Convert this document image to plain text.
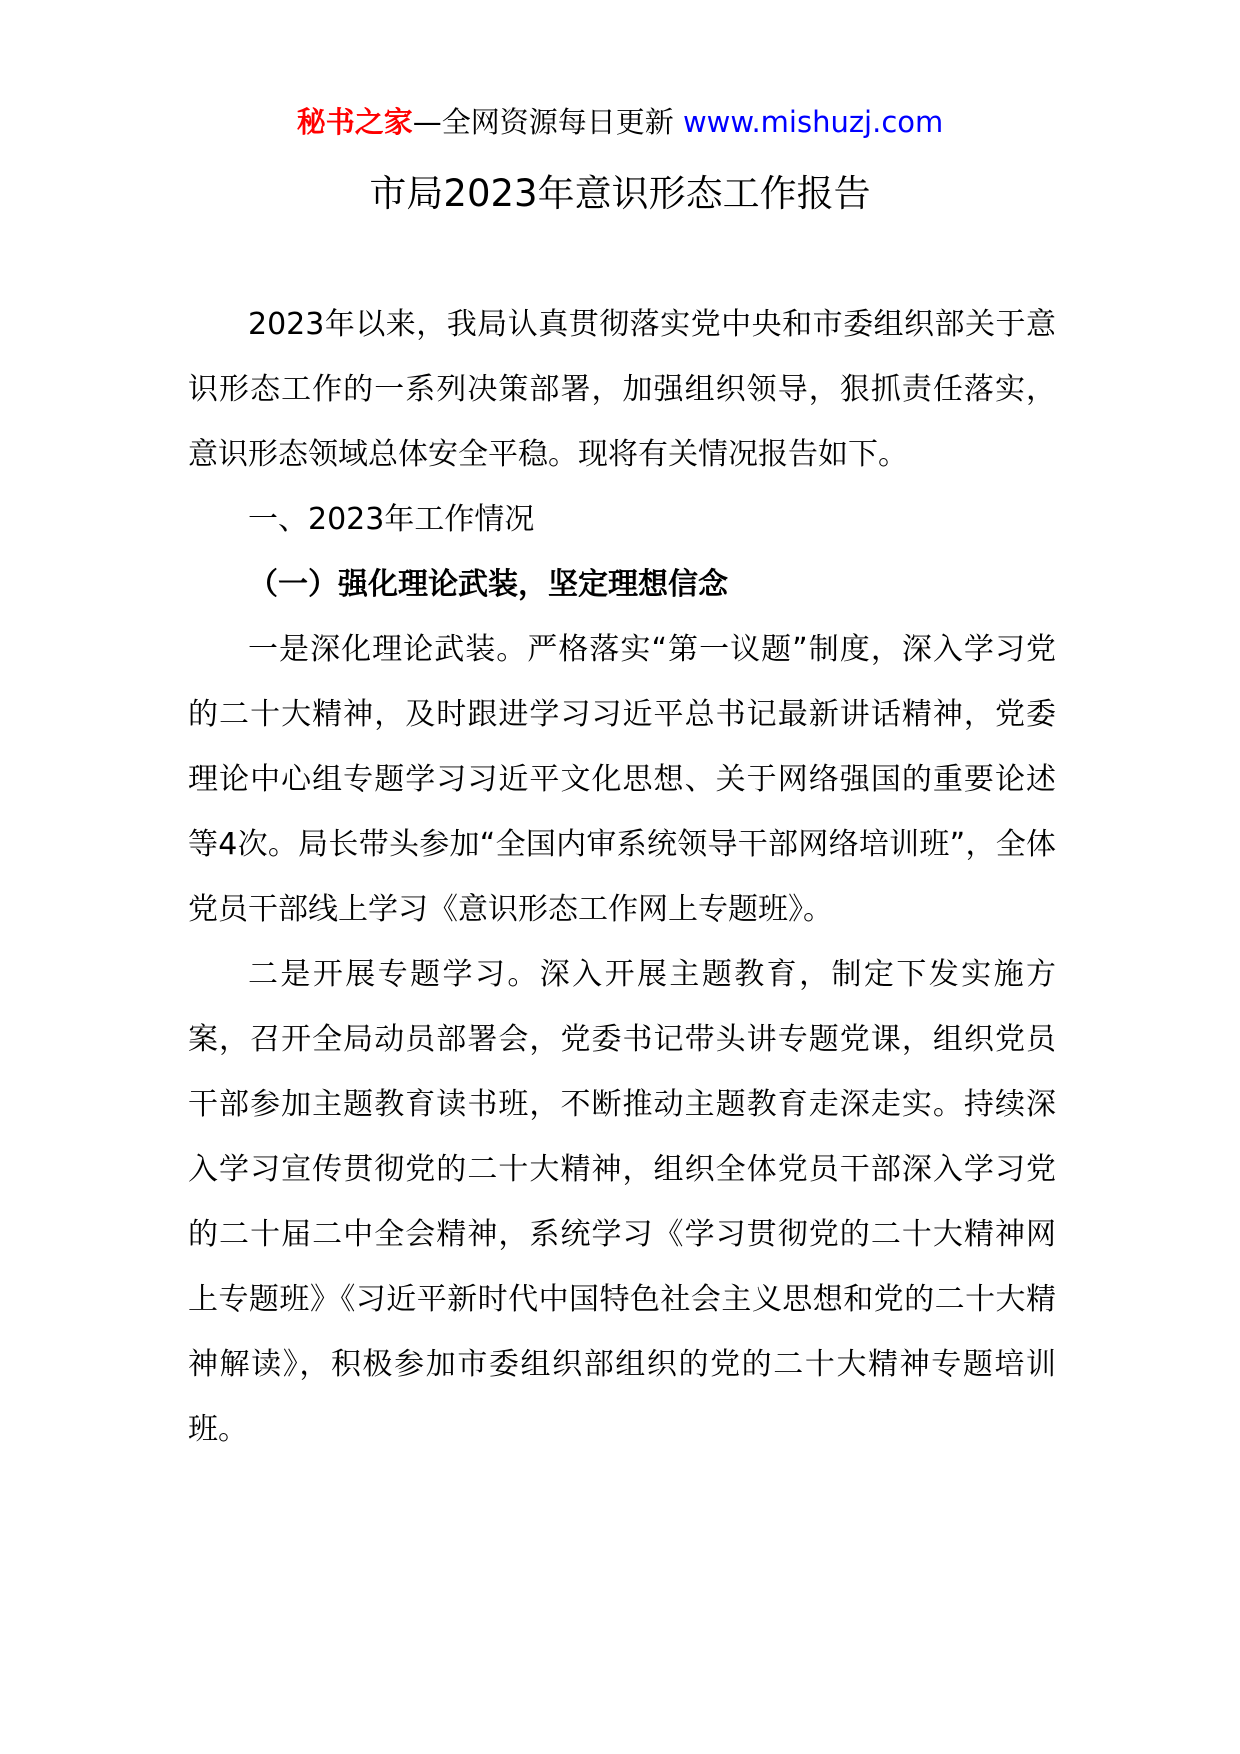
秘书之家—全网资源每日更新 www.mishuzj.com
市局2023年意识形态工作报告

2023年以来，我局认真贯彻落实党中央和市委组织部关于意识形态工作的一系列决策部署，加强组织领导，狠抓责任落实，意识形态领域总体安全平稳。现将有关情况报告如下。

一、2023年工作情况

（一）强化理论武装，坚定理想信念

一是深化理论武装。严格落实“第一议题”制度，深入学习党的二十大精神，及时跟进学习习近平总书记最新讲话精神，党委理论中心组专题学习习近平文化思想、关于网络强国的重要论述等4次。局长带头参加“全国内审系统领导干部网络培训班”，全体党员干部线上学习《意识形态工作网上专题班》。

二是开展专题学习。深入开展主题教育，制定下发实施方案，召开全局动员部署会，党委书记带头讲专题党课，组织党员干部参加主题教育读书班，不断推动主题教育走深走实。持续深入学习宣传贯彻党的二十大精神，组织全体党员干部深入学习党的二十届二中全会精神，系统学习《学习贯彻党的二十大精神网上专题班》《习近平新时代中国特色社会主义思想和党的二十大精神解读》，积极参加市委组织部组织的党的二十大精神专题培训班。
